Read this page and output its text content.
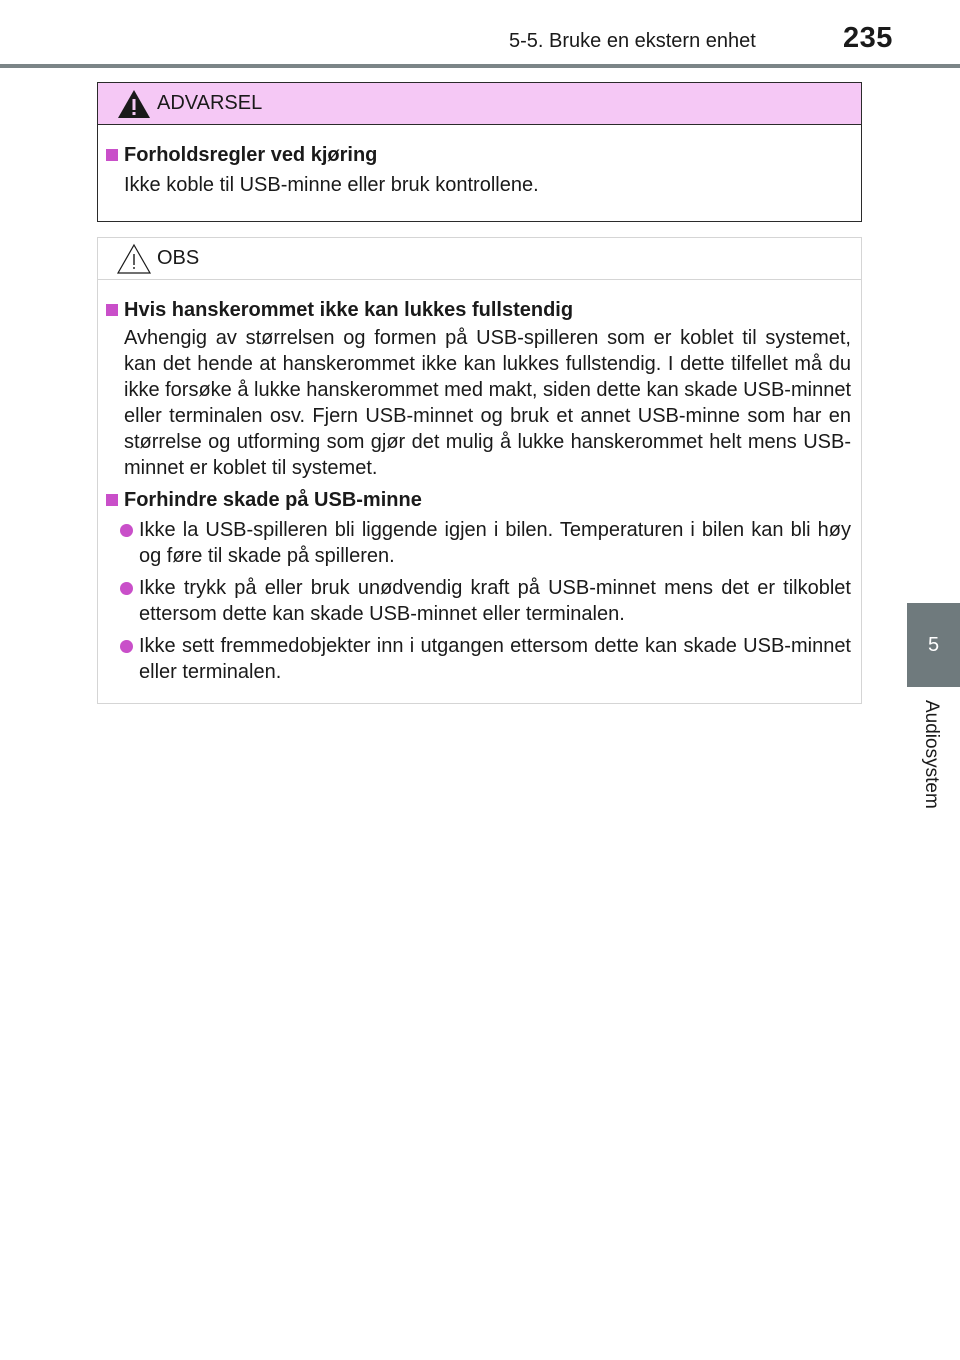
5-5. Bruke en ekstern enhet	235
5
Audiosystem
ADVARSEL
Forholdsregler ved kjøring
Ikke koble til USB-minne eller bruk kontrollene.
OBS
Hvis hanskerommet ikke kan lukkes fullstendig
Avhengig av størrelsen og formen på USB-spilleren som er koblet til systemet, kan det hende at hanskerommet ikke kan lukkes fullstendig. I dette tilfellet må du ikke forsøke å lukke hanskerommet med makt, siden dette kan skade USB-minnet eller terminalen osv. Fjern USB-minnet og bruk et annet USB-minne som har en størrelse og utforming som gjør det mulig å lukke hanskerommet helt mens USB-minnet er koblet til systemet.
Forhindre skade på USB-minne
Ikke la USB-spilleren bli liggende igjen i bilen. Temperaturen i bilen kan bli høy og føre til skade på spilleren.
Ikke trykk på eller bruk unødvendig kraft på USB-minnet mens det er tilkoblet ettersom dette kan skade USB-minnet eller terminalen.
Ikke sett fremmedobjekter inn i utgangen ettersom dette kan skade USB-minnet eller terminalen.
